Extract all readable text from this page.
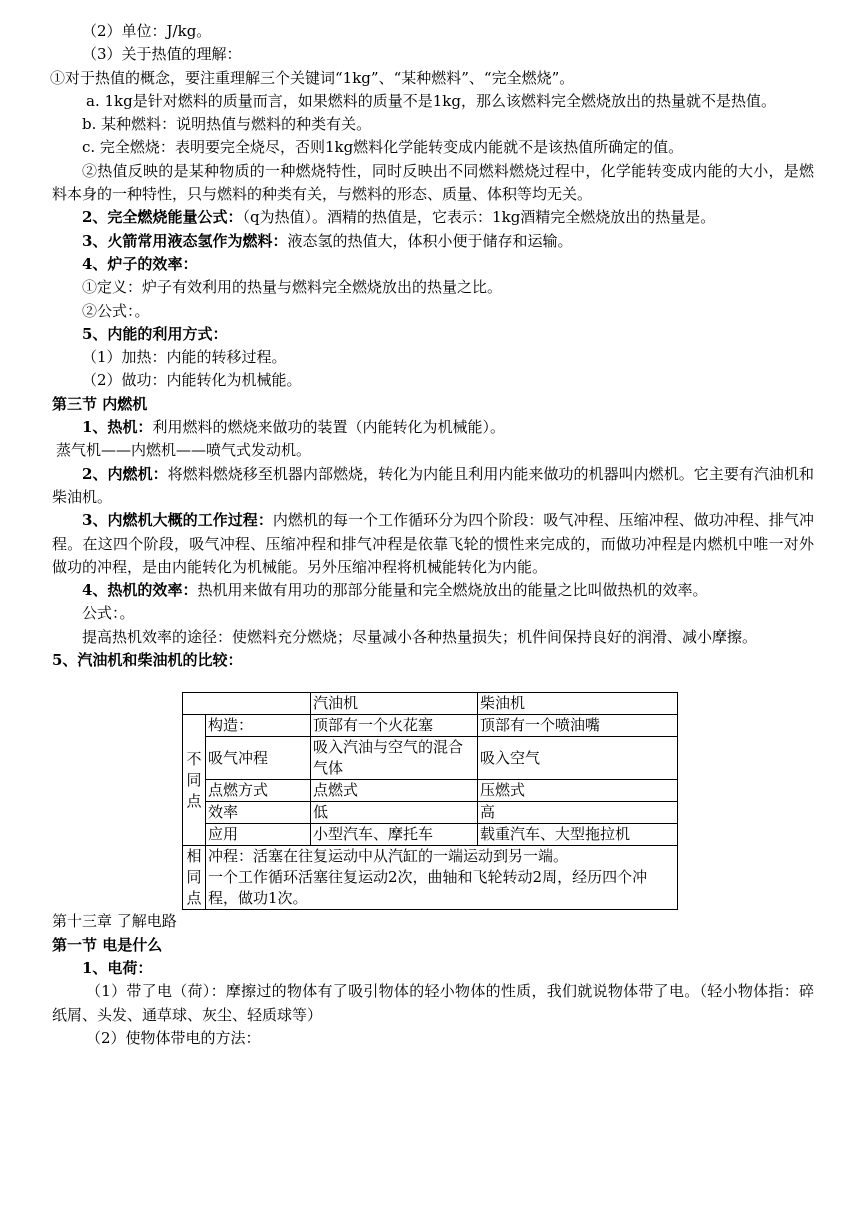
（2）单位：J/kg。

（3）关于热值的理解：

①对于热值的概念，要注重理解三个关键词“1kg”、“某种燃料”、“完全燃烧”。

a. 1kg是针对燃料的质量而言，如果燃料的质量不是1kg，那么该燃料完全燃烧放出的热量就不是热值。

b. 某种燃料：说明热值与燃料的种类有关。

c. 完全燃烧：表明要完全烧尽，否则1kg燃料化学能转变成内能就不是该热值所确定的值。

②热值反映的是某种物质的一种燃烧特性，同时反映出不同燃料燃烧过程中，化学能转变成内能的大小，是燃料本身的一种特性，只与燃料的种类有关，与燃料的形态、质量、体积等均无关。

2、完全燃烧能量公式：（q为热值）。酒精的热值是，它表示：1kg酒精完全燃烧放出的热量是。

3、火箭常用液态氢作为燃料：液态氢的热值大，体积小便于储存和运输。

4、炉子的效率：

①定义：炉子有效利用的热量与燃料完全燃烧放出的热量之比。

②公式：。

5、内能的利用方式：

（1）加热：内能的转移过程。

（2）做功：内能转化为机械能。

第三节 内燃机

1、热机：利用燃料的燃烧来做功的装置（内能转化为机械能）。

蒸气机——内燃机——喷气式发动机。

2、内燃机：将燃料燃烧移至机器内部燃烧，转化为内能且利用内能来做功的机器叫内燃机。它主要有汽油机和柴油机。

3、内燃机大概的工作过程：内燃机的每一个工作循环分为四个阶段：吸气冲程、压缩冲程、做功冲程、排气冲程。在这四个阶段，吸气冲程、压缩冲程和排气冲程是依靠飞轮的惯性来完成的，而做功冲程是内燃机中唯一对外做功的冲程，是由内能转化为机械能。另外压缩冲程将机械能转化为内能。

4、热机的效率：热机用来做有用功的那部分能量和完全燃烧放出的能量之比叫做热机的效率。

公式：。

提高热机效率的途径：使燃料充分燃烧；尽量减小各种热量损失；机件间保持良好的润滑、减小摩擦。

5、汽油机和柴油机的比较：

		汽油机	柴油机
不同点	构造：	顶部有一个火花塞	顶部有一个喷油嘴
	吸气冲程	吸入汽油与空气的混合气体	吸入空气
	点燃方式	点燃式	压燃式
	效率	低	高
	应用	小型汽车、摩托车	载重汽车、大型拖拉机
相同点	冲程：活塞在往复运动中从汽缸的一端运动到另一端。
一个工作循环活塞往复运动2次，曲轴和飞轮转动2周，经历四个冲程，做功1次。		

第十三章 了解电路

第一节 电是什么

1、电荷：

（1）带了电（荷）：摩擦过的物体有了吸引物体的轻小物体的性质，我们就说物体带了电。（轻小物体指：碎纸屑、头发、通草球、灰尘、轻质球等）

（2）使物体带电的方法：
